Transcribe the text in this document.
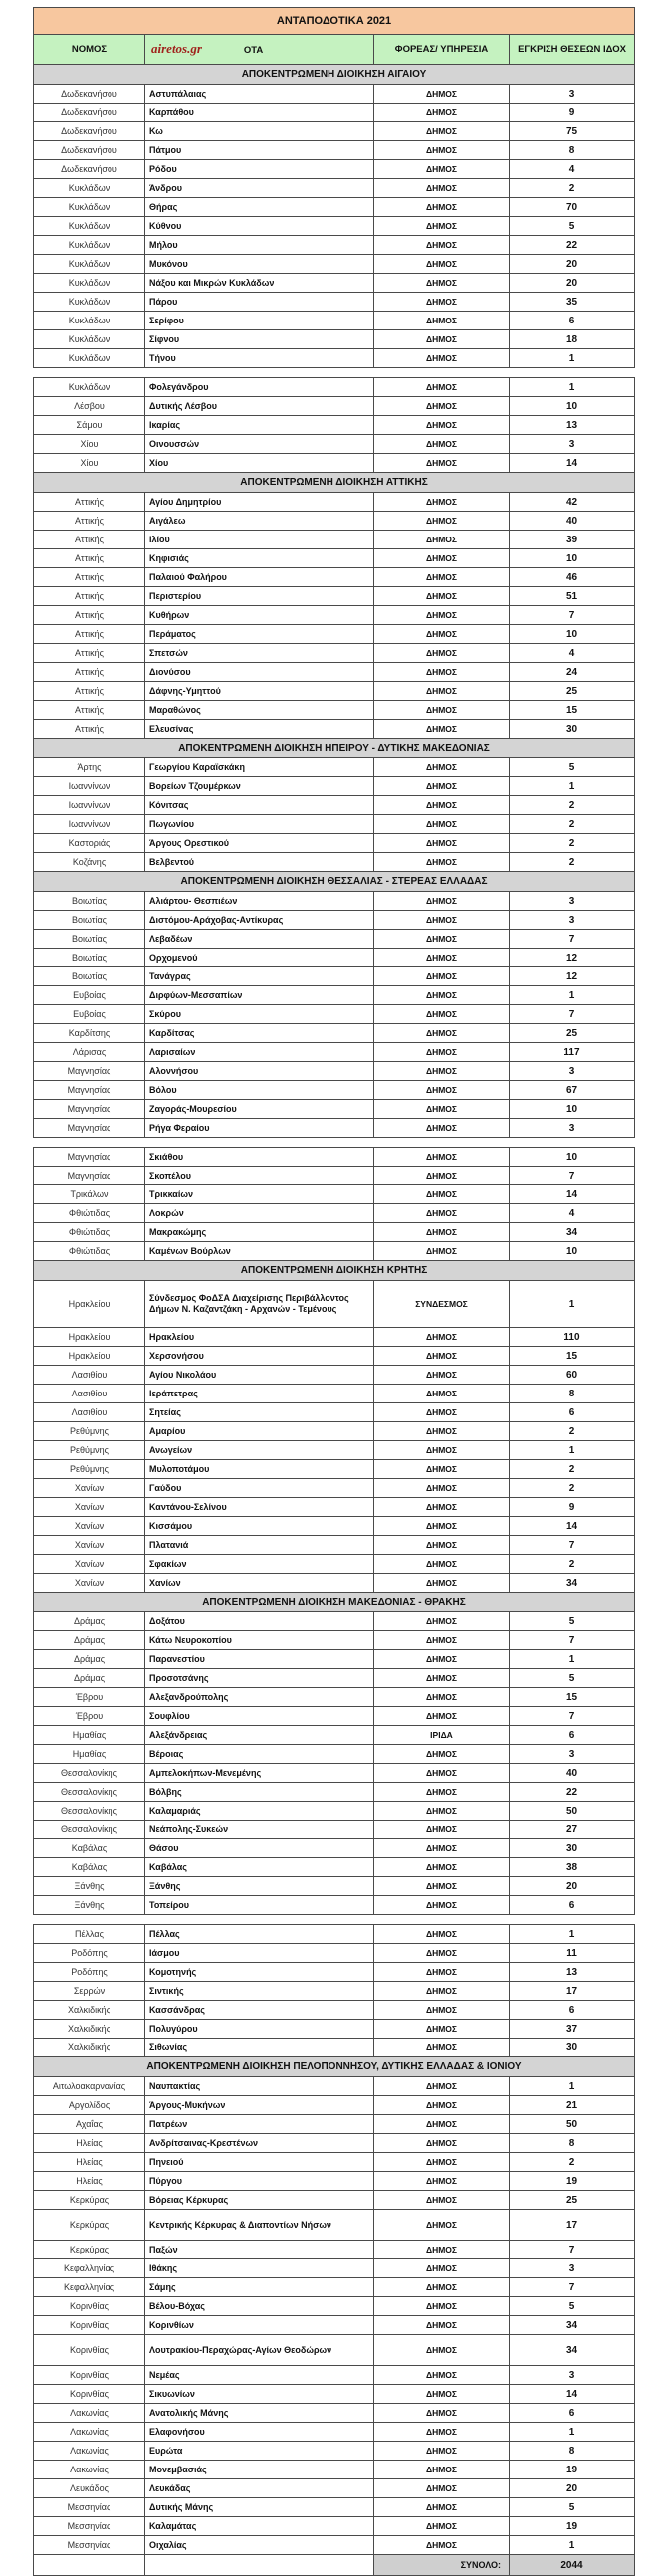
ΑΝΤΑΠΟΔΟΤΙΚΑ 2021			
ΝΟΜΟΣ	airetos.gr ΟΤΑ	ΦΟΡΕΑΣ/ ΥΠΗΡΕΣΙΑ	ΕΓΚΡΙΣΗ ΘΕΣΕΩΝ ΙΔΟΧ
ΑΠΟΚΕΝΤΡΩΜΕΝΗ ΔΙΟΙΚΗΣΗ ΑΙΓΑΙΟΥ			
Δωδεκανήσου	Αστυπάλαιας	ΔΗΜΟΣ	3
Δωδεκανήσου	Καρπάθου	ΔΗΜΟΣ	9
Δωδεκανήσου	Κω	ΔΗΜΟΣ	75
Δωδεκανήσου	Πάτμου	ΔΗΜΟΣ	8
Δωδεκανήσου	Ρόδου	ΔΗΜΟΣ	4
Κυκλάδων	Άνδρου	ΔΗΜΟΣ	2
Κυκλάδων	Θήρας	ΔΗΜΟΣ	70
Κυκλάδων	Κύθνου	ΔΗΜΟΣ	5
Κυκλάδων	Μήλου	ΔΗΜΟΣ	22
Κυκλάδων	Μυκόνου	ΔΗΜΟΣ	20
Κυκλάδων	Νάξου και Μικρών Κυκλάδων	ΔΗΜΟΣ	20
Κυκλάδων	Πάρου	ΔΗΜΟΣ	35
Κυκλάδων	Σερίφου	ΔΗΜΟΣ	6
Κυκλάδων	Σίφνου	ΔΗΜΟΣ	18
Κυκλάδων	Τήνου	ΔΗΜΟΣ	1
Κυκλάδων	Φολεγάνδρου	ΔΗΜΟΣ	1
Λέσβου	Δυτικής Λέσβου	ΔΗΜΟΣ	10
Σάμου	Ικαρίας	ΔΗΜΟΣ	13
Χίου	Οινουσσών	ΔΗΜΟΣ	3
Χίου	Χίου	ΔΗΜΟΣ	14
ΑΠΟΚΕΝΤΡΩΜΕΝΗ ΔΙΟΙΚΗΣΗ ΑΤΤΙΚΗΣ			
Αττικής	Αγίου Δημητρίου	ΔΗΜΟΣ	42
Αττικής	Αιγάλεω	ΔΗΜΟΣ	40
Αττικής	Ιλίου	ΔΗΜΟΣ	39
Αττικής	Κηφισιάς	ΔΗΜΟΣ	10
Αττικής	Παλαιού Φαλήρου	ΔΗΜΟΣ	46
Αττικής	Περιστερίου	ΔΗΜΟΣ	51
Αττικής	Κυθήρων	ΔΗΜΟΣ	7
Αττικής	Περάματος	ΔΗΜΟΣ	10
Αττικής	Σπετσών	ΔΗΜΟΣ	4
Αττικής	Διονύσου	ΔΗΜΟΣ	24
Αττικής	Δάφνης-Υμηττού	ΔΗΜΟΣ	25
Αττικής	Μαραθώνος	ΔΗΜΟΣ	15
Αττικής	Ελευσίνας	ΔΗΜΟΣ	30
ΑΠΟΚΕΝΤΡΩΜΕΝΗ ΔΙΟΙΚΗΣΗ ΗΠΕΙΡΟΥ - ΔΥΤΙΚΗΣ ΜΑΚΕΔΟΝΙΑΣ			
Άρτης	Γεωργίου Καραϊσκάκη	ΔΗΜΟΣ	5
Ιωαννίνων	Βορείων Τζουμέρκων	ΔΗΜΟΣ	1
Ιωαννίνων	Κόνιτσας	ΔΗΜΟΣ	2
Ιωαννίνων	Πωγωνίου	ΔΗΜΟΣ	2
Καστοριάς	Άργους Ορεστικού	ΔΗΜΟΣ	2
Κοζάνης	Βελβεντού	ΔΗΜΟΣ	2
ΑΠΟΚΕΝΤΡΩΜΕΝΗ ΔΙΟΙΚΗΣΗ ΘΕΣΣΑΛΙΑΣ - ΣΤΕΡΕΑΣ ΕΛΛΑΔΑΣ			
Βοιωτίας	Αλιάρτου- Θεσπιέων	ΔΗΜΟΣ	3
Βοιωτίας	Διστόμου-Αράχοβας-Αντίκυρας	ΔΗΜΟΣ	3
Βοιωτίας	Λεβαδέων	ΔΗΜΟΣ	7
Βοιωτίας	Ορχομενού	ΔΗΜΟΣ	12
Βοιωτίας	Τανάγρας	ΔΗΜΟΣ	12
Ευβοίας	Διρφύων-Μεσσαπίων	ΔΗΜΟΣ	1
Ευβοίας	Σκύρου	ΔΗΜΟΣ	7
Καρδίτσης	Καρδίτσας	ΔΗΜΟΣ	25
Λάρισας	Λαρισαίων	ΔΗΜΟΣ	117
Μαγνησίας	Αλοννήσου	ΔΗΜΟΣ	3
Μαγνησίας	Βόλου	ΔΗΜΟΣ	67
Μαγνησίας	Ζαγοράς-Μουρεσίου	ΔΗΜΟΣ	10
Μαγνησίας	Ρήγα Φεραίου	ΔΗΜΟΣ	3
Μαγνησίας	Σκιάθου	ΔΗΜΟΣ	10
Μαγνησίας	Σκοπέλου	ΔΗΜΟΣ	7
Τρικάλων	Τρικκαίων	ΔΗΜΟΣ	14
Φθιώτιδας	Λοκρών	ΔΗΜΟΣ	4
Φθιώτιδας	Μακρακώμης	ΔΗΜΟΣ	34
Φθιώτιδας	Καμένων Βούρλων	ΔΗΜΟΣ	10
ΑΠΟΚΕΝΤΡΩΜΕΝΗ ΔΙΟΙΚΗΣΗ ΚΡΗΤΗΣ			
Ηρακλείου	Σύνδεσμος ΦοΔΣΑ Διαχείρισης Περιβάλλοντος Δήμων Ν. Καζαντζάκη - Αρχανών - Τεμένους	ΣΥΝΔΕΣΜΟΣ	1
Ηρακλείου	Ηρακλείου	ΔΗΜΟΣ	110
Ηρακλείου	Χερσονήσου	ΔΗΜΟΣ	15
Λασιθίου	Αγίου Νικολάου	ΔΗΜΟΣ	60
Λασιθίου	Ιεράπετρας	ΔΗΜΟΣ	8
Λασιθίου	Σητείας	ΔΗΜΟΣ	6
Ρεθύμνης	Αμαρίου	ΔΗΜΟΣ	2
Ρεθύμνης	Ανωγείων	ΔΗΜΟΣ	1
Ρεθύμνης	Μυλοποτάμου	ΔΗΜΟΣ	2
Χανίων	Γαύδου	ΔΗΜΟΣ	2
Χανίων	Καντάνου-Σελίνου	ΔΗΜΟΣ	9
Χανίων	Κισσάμου	ΔΗΜΟΣ	14
Χανίων	Πλατανιά	ΔΗΜΟΣ	7
Χανίων	Σφακίων	ΔΗΜΟΣ	2
Χανίων	Χανίων	ΔΗΜΟΣ	34
ΑΠΟΚΕΝΤΡΩΜΕΝΗ ΔΙΟΙΚΗΣΗ ΜΑΚΕΔΟΝΙΑΣ - ΘΡΑΚΗΣ			
Δράμας	Δοξάτου	ΔΗΜΟΣ	5
Δράμας	Κάτω Νευροκοπίου	ΔΗΜΟΣ	7
Δράμας	Παρανεστίου	ΔΗΜΟΣ	1
Δράμας	Προσοτσάνης	ΔΗΜΟΣ	5
Έβρου	Αλεξανδρούπολης	ΔΗΜΟΣ	15
Έβρου	Σουφλίου	ΔΗΜΟΣ	7
Ημαθίας	Αλεξάνδρειας	ΙΡΙΔΑ	6
Ημαθίας	Βέροιας	ΔΗΜΟΣ	3
Θεσσαλονίκης	Αμπελοκήπων-Μενεμένης	ΔΗΜΟΣ	40
Θεσσαλονίκης	Βόλβης	ΔΗΜΟΣ	22
Θεσσαλονίκης	Καλαμαριάς	ΔΗΜΟΣ	50
Θεσσαλονίκης	Νεάπολης-Συκεών	ΔΗΜΟΣ	27
Καβάλας	Θάσου	ΔΗΜΟΣ	30
Καβάλας	Καβάλας	ΔΗΜΟΣ	38
Ξάνθης	Ξάνθης	ΔΗΜΟΣ	20
Ξάνθης	Τοπείρου	ΔΗΜΟΣ	6
Πέλλας	Πέλλας	ΔΗΜΟΣ	1
Ροδόπης	Ιάσμου	ΔΗΜΟΣ	11
Ροδόπης	Κομοτηνής	ΔΗΜΟΣ	13
Σερρών	Σιντικής	ΔΗΜΟΣ	17
Χαλκιδικής	Κασσάνδρας	ΔΗΜΟΣ	6
Χαλκιδικής	Πολυγύρου	ΔΗΜΟΣ	37
Χαλκιδικής	Σιθωνίας	ΔΗΜΟΣ	30
ΑΠΟΚΕΝΤΡΩΜΕΝΗ ΔΙΟΙΚΗΣΗ ΠΕΛΟΠΟΝΝΗΣΟΥ, ΔΥΤΙΚΗΣ ΕΛΛΑΔΑΣ & ΙΟΝΙΟΥ			
Αιτωλοακαρνανίας	Ναυπακτίας	ΔΗΜΟΣ	1
Αργολίδος	Άργους-Μυκήνων	ΔΗΜΟΣ	21
Αχαΐας	Πατρέων	ΔΗΜΟΣ	50
Ηλείας	Ανδρίτσαινας-Κρεστένων	ΔΗΜΟΣ	8
Ηλείας	Πηνειού	ΔΗΜΟΣ	2
Ηλείας	Πύργου	ΔΗΜΟΣ	19
Κερκύρας	Βόρειας Κέρκυρας	ΔΗΜΟΣ	25
Κερκύρας	Κεντρικής Κέρκυρας & Διαποντίων Νήσων	ΔΗΜΟΣ	17
Κερκύρας	Παξών	ΔΗΜΟΣ	7
Κεφαλληνίας	Ιθάκης	ΔΗΜΟΣ	3
Κεφαλληνίας	Σάμης	ΔΗΜΟΣ	7
Κορινθίας	Βέλου-Βόχας	ΔΗΜΟΣ	5
Κορινθίας	Κορινθίων	ΔΗΜΟΣ	34
Κορινθίας	Λουτρακίου-Περαχώρας-Αγίων Θεοδώρων	ΔΗΜΟΣ	34
Κορινθίας	Νεμέας	ΔΗΜΟΣ	3
Κορινθίας	Σικυωνίων	ΔΗΜΟΣ	14
Λακωνίας	Ανατολικής Μάνης	ΔΗΜΟΣ	6
Λακωνίας	Ελαφονήσου	ΔΗΜΟΣ	1
Λακωνίας	Ευρώτα	ΔΗΜΟΣ	8
Λακωνίας	Μονεμβασιάς	ΔΗΜΟΣ	19
Λευκάδος	Λευκάδας	ΔΗΜΟΣ	20
Μεσσηνίας	Δυτικής Μάνης	ΔΗΜΟΣ	5
Μεσσηνίας	Καλαμάτας	ΔΗΜΟΣ	19
Μεσσηνίας	Οιχαλίας	ΔΗΜΟΣ	1
		ΣΥΝΟΛΟ:	2044
